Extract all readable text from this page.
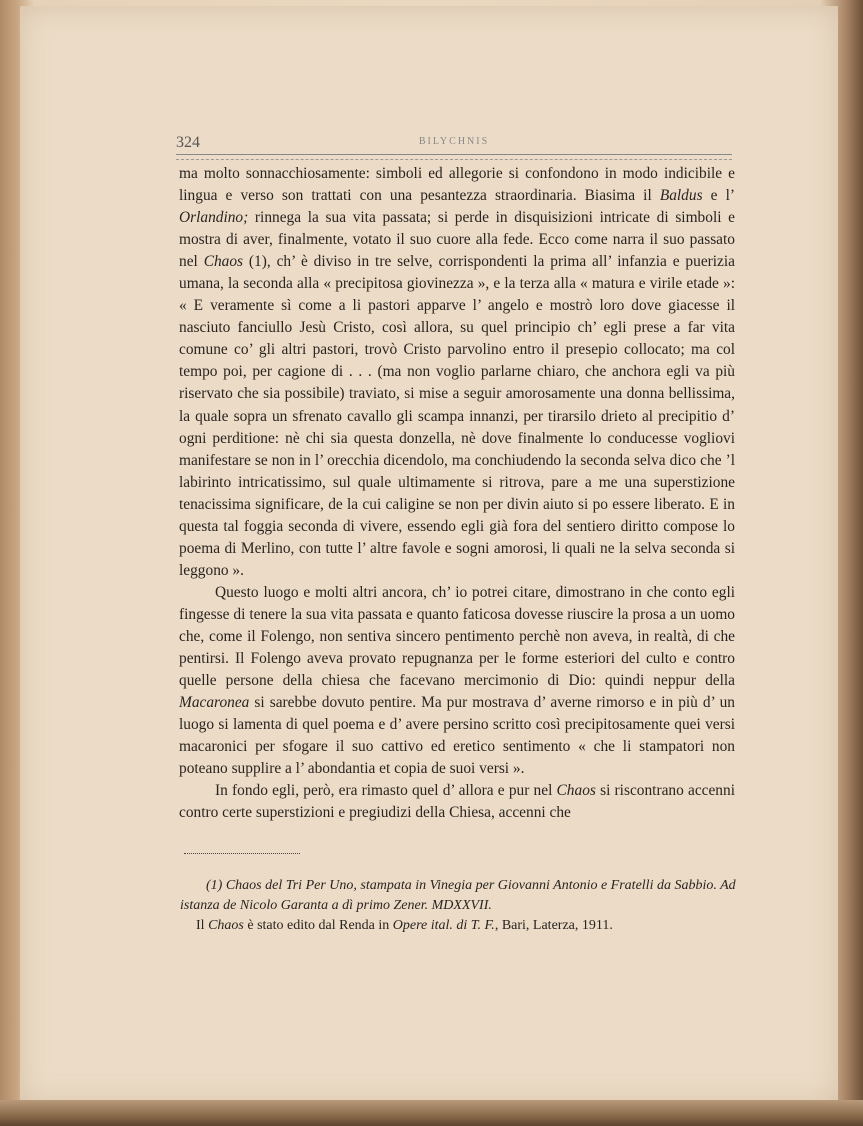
324	BILYCHNIS

ma molto sonnacchiosamente: simboli ed allegorie si confondono in modo indicibile e lingua e verso son trattati con una pesantezza straordinaria. Biasima il Baldus e l’ Orlandino; rinnega la sua vita passata; si perde in disquisizioni intricate di simboli e mostra di aver, finalmente, votato il suo cuore alla fede. Ecco come narra il suo passato nel Chaos (1), ch’ è diviso in tre selve, corrispondenti la prima all’ infanzia e puerizia umana, la seconda alla « precipitosa giovinezza », e la terza alla « matura e virile etade »: « E veramente sì come a li pastori apparve l’ angelo e mostrò loro dove giacesse il nasciuto fanciullo Jesù Cristo, così allora, su quel principio ch’ egli prese a far vita comune co’ gli altri pastori, trovò Cristo parvolino entro il presepio collocato; ma col tempo poi, per cagione di . . . (ma non voglio parlarne chiaro, che anchora egli va più riservato che sia possibile) traviato, si mise a seguir amorosamente una donna bellissima, la quale sopra un sfrenato cavallo gli scampa innanzi, per tirarsilo drieto al precipitio d’ ogni perditione: nè chi sia questa donzella, nè dove finalmente lo conducesse vogliovi manifestare se non in l’ orecchia dicendolo, ma conchiudendo la seconda selva dico che ’l labirinto intricatissimo, sul quale ultimamente si ritrova, pare a me una superstizione tenacissima significare, de la cui caligine se non per divin aiuto si po essere liberato. E in questa tal foggia seconda di vivere, essendo egli già fora del sentiero diritto compose lo poema di Merlino, con tutte l’ altre favole e sogni amorosi, li quali ne la selva seconda si leggono ».

Questo luogo e molti altri ancora, ch’ io potrei citare, dimostrano in che conto egli fingesse di tenere la sua vita passata e quanto faticosa dovesse riuscire la prosa a un uomo che, come il Folengo, non sentiva sincero pentimento perchè non aveva, in realtà, di che pentirsi. Il Folengo aveva provato repugnanza per le forme esteriori del culto e contro quelle persone della chiesa che facevano mercimonio di Dio: quindi neppur della Macaronea si sarebbe dovuto pentire. Ma pur mostrava d’ averne rimorso e in più d’ un luogo si lamenta di quel poema e d’ avere persino scritto così precipitosamente quei versi macaronici per sfogare il suo cattivo ed eretico sentimento « che li stampatori non poteano supplire a l’ abondantia et copia de suoi versi ».

In fondo egli, però, era rimasto quel d’ allora e pur nel Chaos si riscontrano accenni contro certe superstizioni e pregiudizi della Chiesa, accenni che

(1) Chaos del Tri Per Uno, stampata in Vinegia per Giovanni Antonio e Fratelli da Sabbio. Ad istanza de Nicolo Garanta a dì primo Zener. MDXXVII.

Il Chaos è stato edito dal Renda in Opere ital. di T. F., Bari, Laterza, 1911.
